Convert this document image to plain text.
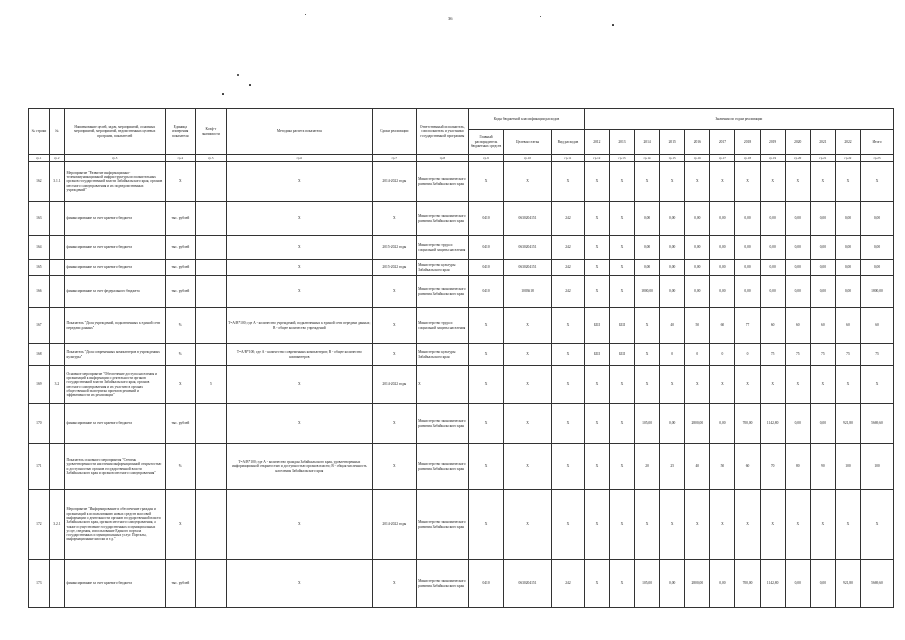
36
№ строки	№	Наименование целей, задач, мероприятий, основных мероприятий, мероприятий, ведомственных целевых программ, показателей	Единица измерения показателя	Коэф-т значимости	Методика расчета показателя	Сроки реализации	Ответственный исполнитель, соисполнитель и участники государственной программы	Коды бюджетной классификации расходов			Значения по годам реализации											
								Главный распорядитель бюджетных средств	Целевая статья	Вид расходов	2012	2013	2014	2015	2016	2017	2018	2019	2020	2021	2022	Итого
гр.1	гр.2	гр.3	гр.4	гр.5	гр.6	гр.7	гр.8	гр.9	гр.10	гр.11	гр.12	гр.13	гр.14	гр.15	гр.16	гр.17	гр.18	гр.19	гр.20	гр.21	гр.22	гр.23
162	3.1.1	Мероприятие "Развитие информационно-телекоммуникационной инфраструктуры исполнительных органов государственной власти Забайкальского края, органов местного самоуправления и их подведомственных учреждений"	Х		Х	2014-2022 годы	Министерство экономического развития Забайкальского края	Х	Х	Х	Х	Х	Х	Х	Х	Х	Х	Х	Х	Х	Х	Х
163		финансирование за счет краевого бюджета	тыс. рублей		Х	Х	Министерство экономического развития Забайкальского края	0410	0630204151	242	Х	Х	0,00	0,00	0,00	0,00	0,00	0,00	0,00	0,00	0,00	0,00
164		финансирование за счет краевого бюджета	тыс. рублей		Х	2015-2022 годы	Министерство труда и социальной защиты населения	0410	0630204151	242	Х	Х	0,00	0,00	0,00	0,00	0,00	0,00	0,00	0,00	0,00	0,00
165		финансирование за счет краевого бюджета	тыс. рублей		Х	2015-2022 годы	Министерство культуры Забайкальского края	0410	0630204151	242	Х	Х	0,00	0,00	0,00	0,00	0,00	0,00	0,00	0,00	0,00	0,00
166		финансирование за счет федерального бюджета	тыс. рублей		Х	Х	Министерство экономического развития Забайкальского края	0410	1003618	242	Х	Х	1800,00	0,00	0,00	0,00	0,00	0,00	0,00	0,00	0,00	1800,00
167		Показатель "Доля учреждений, подключенных к единой сети передачи данных"	%		Т=А/В*100; где А - количество учреждений, подключенных к единой сети передачи данных; В - общее количество учреждений	Х	Министерство труда и социальной защиты населения	Х	Х	Х	БШ	БШ	Х	40	50	60	77	60	60	60	60	60
168		Показатель "Доля современных компьютеров в учреждениях культуры"	%		Т=А/В*100; где А - количество современных компьютеров; В - общее количество компьютеров	Х	Министерство культуры Забайкальского края	Х	Х	Х	БШ	БШ	Х	0	0	0	0	75	75	75	75	75
169	3.2	Основное мероприятие "Обеспечение доступа населения и организаций к информации о деятельности органов государственной власти Забайкальского края, органов местного самоуправления и их участию в органах общественной экспертизы проектов решений и эффективности их реализации"	Х	5	Х	2014-2022 годы	Х	Х	Х	Х	Х	Х	Х	Х	Х	Х	Х	Х	Х	Х	Х	Х
170		финансирование за счет краевого бюджета	тыс. рублей		Х	Х	Министерство экономического развития Забайкальского края	Х	Х	Х	Х	Х	105,00	0,00	2800,00	0,00	700,00	1142,80	0,00	0,00	921,80	5669,60
171		Показатель основного мероприятия "Степень удовлетворенности населения информационной открытостью и доступностью органов государственной власти Забайкальского края и органов местного самоуправления"	%		Т=А/В*100; где А - количество граждан Забайкальского края, удовлетворенных информационной открытостью и доступностью органов власти; В - общая численность населения Забайкальского края	Х	Министерство экономического развития Забайкальского края	Х	Х	Х	Х	Х	20	25	40	50	60	70	80	90	100	100
172	3.2.1	Мероприятие "Информирование и обеспечение граждан и организаций к использованию новых средств массовой информации о деятельности органов государственной власти Забайкальского края, органов местного самоуправления, а также осуществление государственных и муниципальных услуг, сведения, использование Единого портала государственных и муниципальных услуг. Порталы, информационные киоски и т.д."	Х		Х	2014-2022 годы	Министерство экономического развития Забайкальского края	Х	Х	Х	Х	Х	Х	Х	Х	Х	Х	Х	Х	Х	Х	Х
173		финансирование за счет краевого бюджета	тыс. рублей		Х	Х	Министерство экономического развития Забайкальского края	0410	0630204151	242	Х	Х	105,00	0,00	2800,00	0,00	700,00	1142,80	0,00	0,00	921,80	5669,60
